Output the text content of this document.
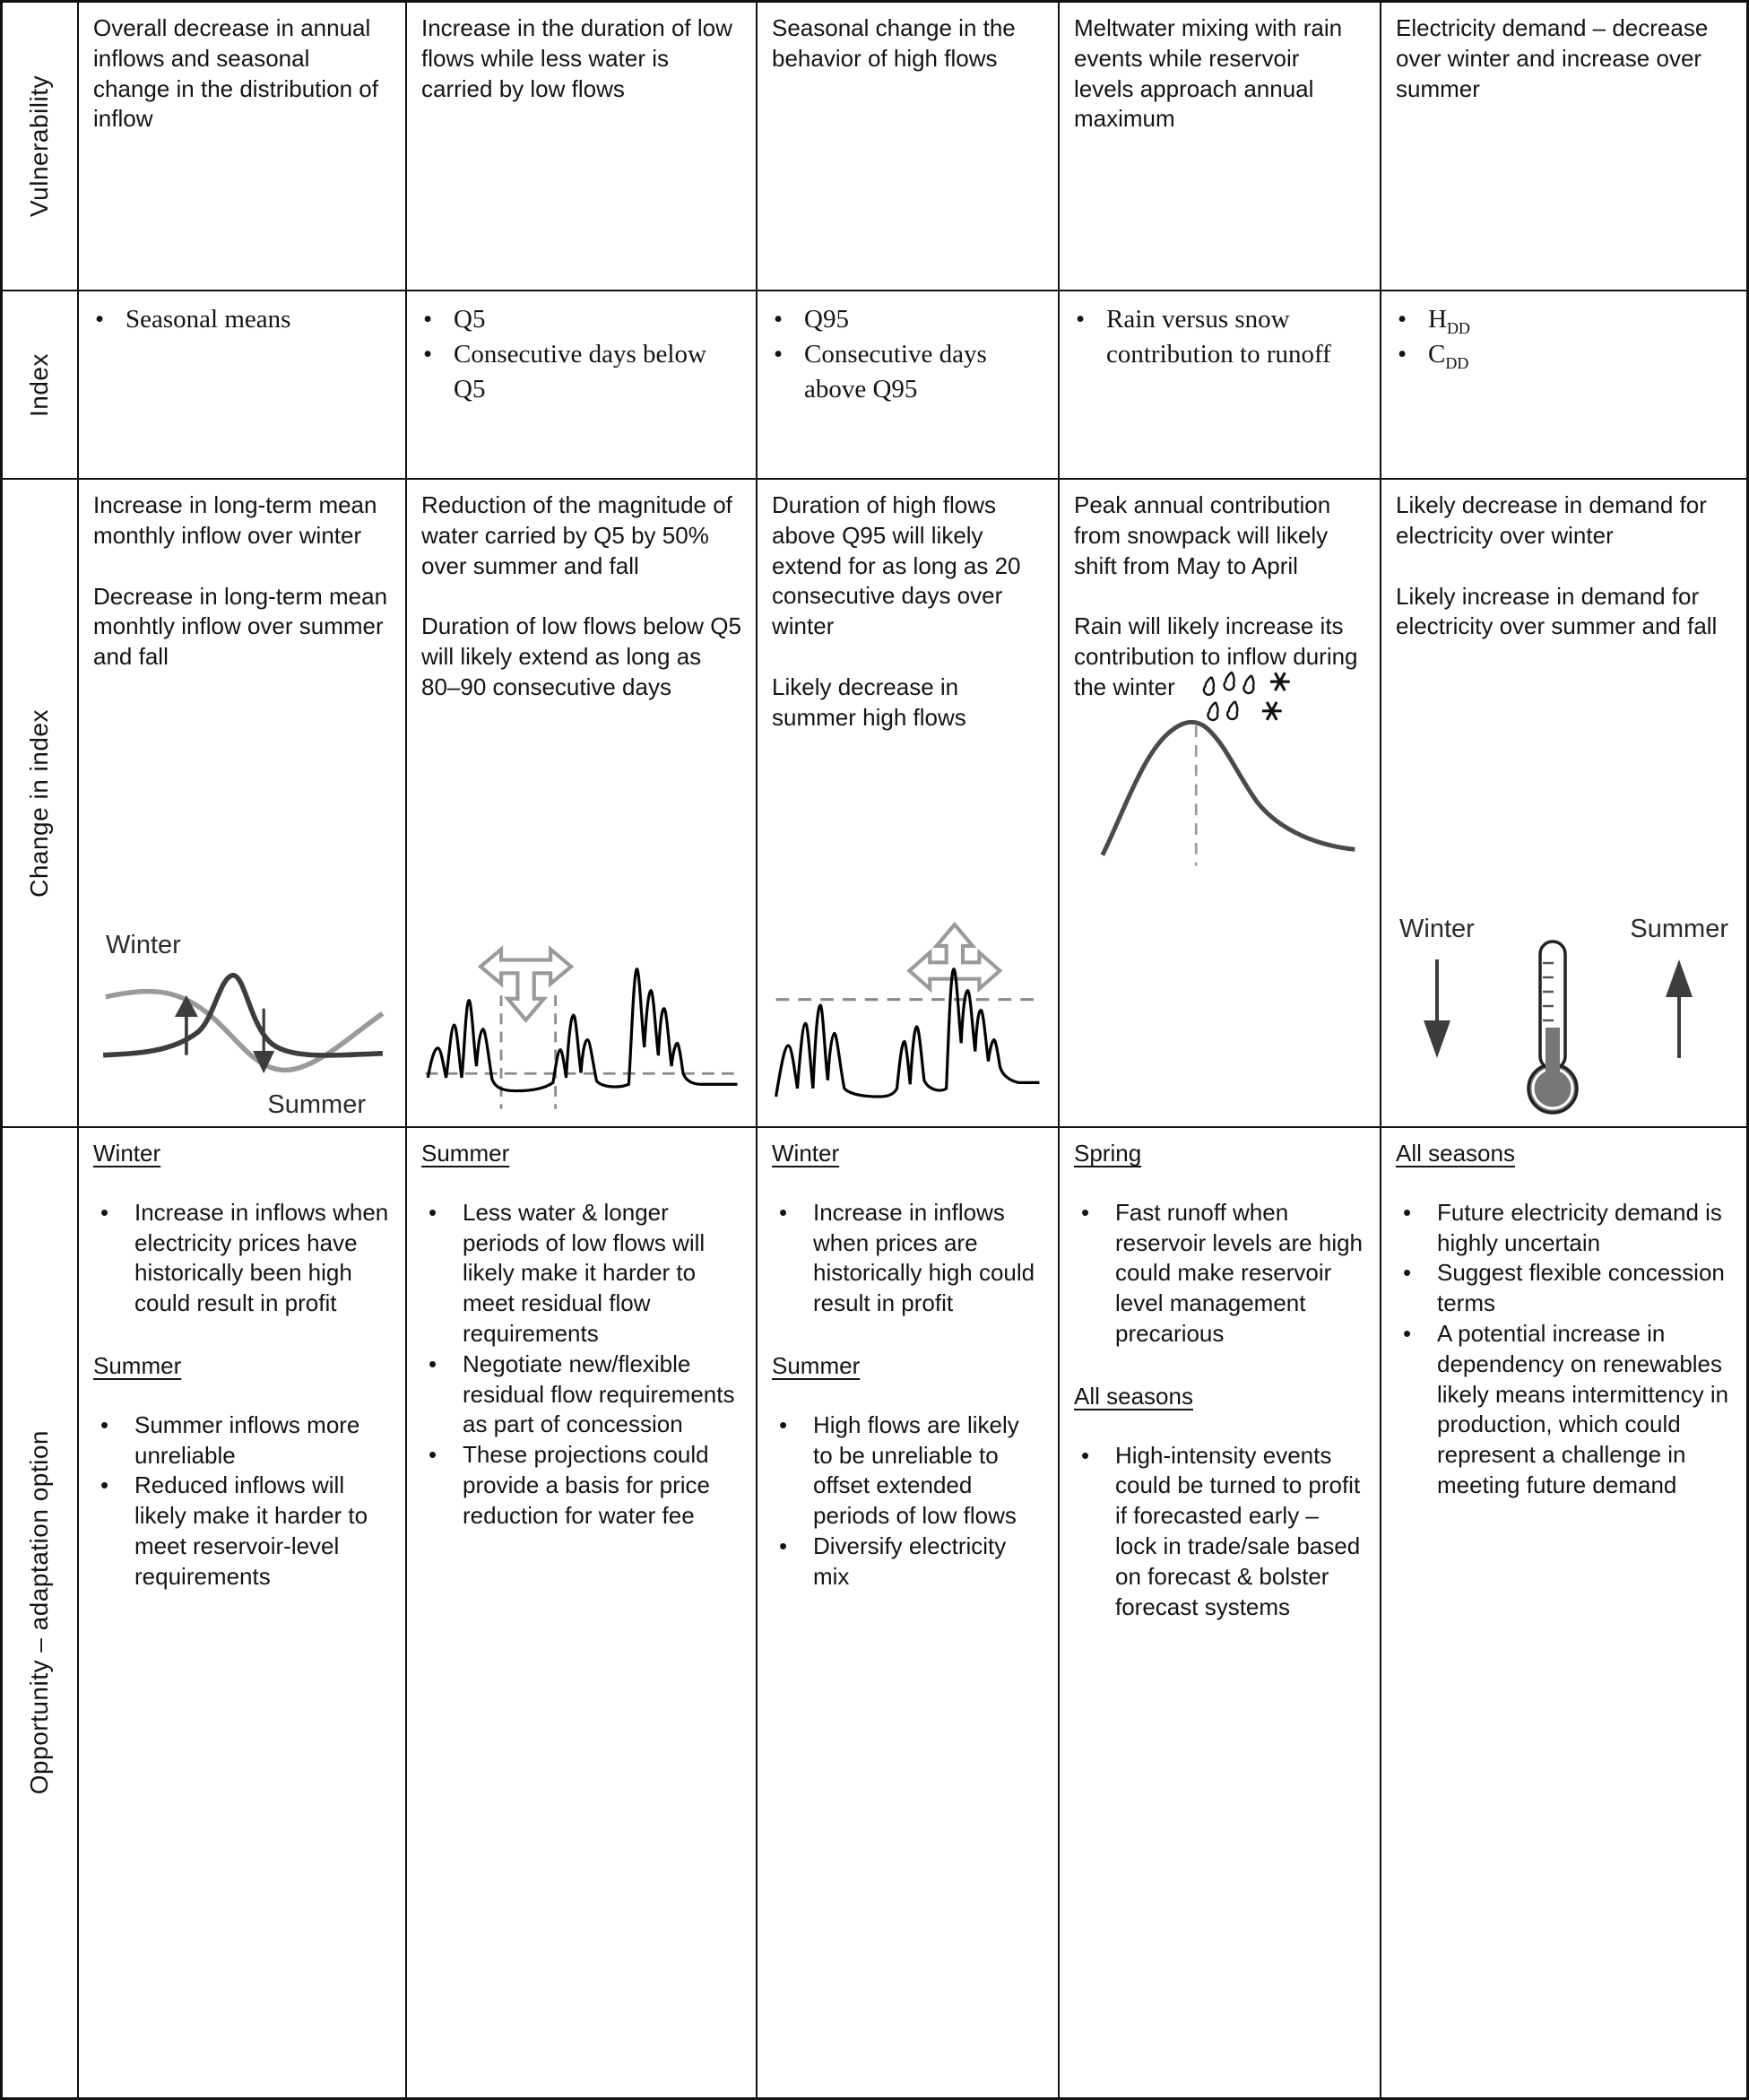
Vulnerability
Overall decrease in annual inflows and seasonal change in the distribution of inflow
Increase in the duration of low flows while less water is carried by low flows
Seasonal change in the behavior of high flows
Meltwater mixing with rain events while reservoir levels approach annual maximum
Electricity demand – decrease over winter and increase over summer
Index
• Seasonal means	• Q5
• Consecutive days below Q5
• Q95
• Consecutive days above Q95
• Rain versus snow contribution to runoff
• $H_{DD}$
• $C_{DD}$
Change in index

Increase in long-term mean monthly inflow over winter

Decrease in long-term mean monhtly inflow over summer and fall

Winter
Summer

Reduction of the magnitude of water carried by Q5 by 50% over summer and fall

Duration of low flows below Q5 will likely extend as long as 80–90 consecutive days

Duration of high flows above Q95 will likely extend for as long as 20 consecutive days over winter

Likely decrease in summer high flows

Peak annual contribution from snowpack will likely shift from May to April

Rain will likely increase its contribution to inflow during the winter

Likely decrease in demand for electricity over winter

Likely increase in demand for electricity over summer and fall

Winter	Summer
Opportunity – adaptation option
Winter
• Increase in inflows when electricity prices have historically been high could result in profit
Summer
• Summer inflows more unreliable
• Reduced inflows will likely make it harder to meet reservoir-level requirements
Summer
• Less water & longer periods of low flows will likely make it harder to meet residual flow requirements
• Negotiate new/flexible residual flow requirements as part of concession
• These projections could provide a basis for price reduction for water fee
Winter
• Increase in inflows when prices are historically high could result in profit
Summer
• High flows are likely to be unreliable to offset extended periods of low flows
• Diversify electricity mix
Spring
• Fast runoff when reservoir levels are high could make reservoir level management precarious
All seasons
• High-intensity events could be turned to profit if forecasted early – lock in trade/sale based on forecast & bolster forecast systems
All seasons
• Future electricity demand is highly uncertain
• Suggest flexible concession terms
• A potential increase in dependency on renewables likely means intermittency in production, which could represent a challenge in meeting future demand
